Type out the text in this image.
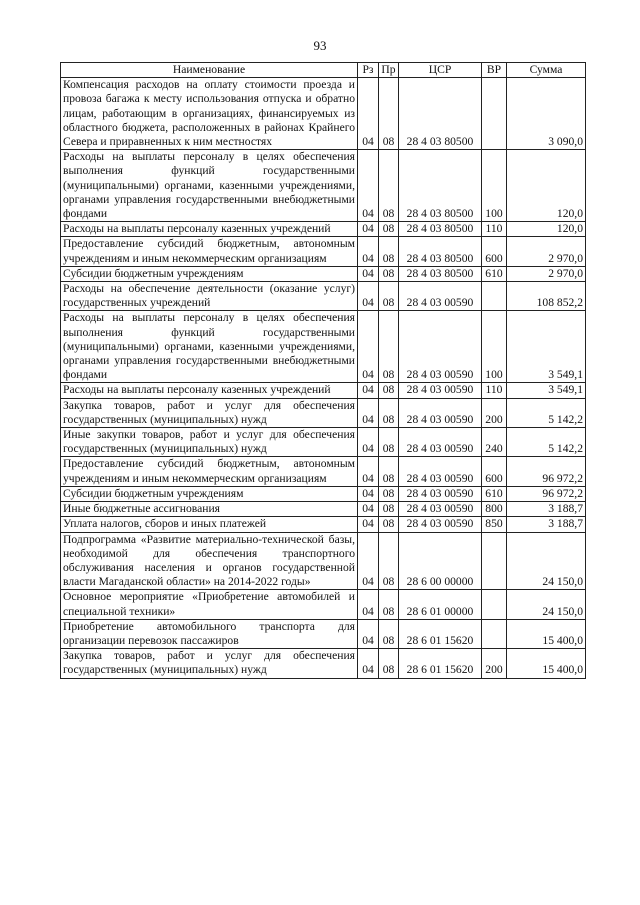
93
Наименование	Рз	Пр	ЦСР	ВР	Сумма
Компенсация расходов на оплату стоимости проезда и провоза багажа к месту использования отпуска и обратно лицам, работающим в организациях, финансируемых из областного бюджета, расположенных в районах Крайнего Севера и приравненных к ним местностях	04	08	28 4 03 80500		3 090,0
Расходы на выплаты персоналу в целях обеспечения выполнения функций государственными (муниципальными) органами, казенными учреждениями, органами управления государственными внебюджетными фондами	04	08	28 4 03 80500	100	120,0
Расходы на выплаты персоналу казенных учреждений	04	08	28 4 03 80500	110	120,0
Предоставление субсидий бюджетным, автономным учреждениям и иным некоммерческим организациям	04	08	28 4 03 80500	600	2 970,0
Субсидии бюджетным учреждениям	04	08	28 4 03 80500	610	2 970,0
Расходы на обеспечение деятельности (оказание услуг) государственных учреждений	04	08	28 4 03 00590		108 852,2
Расходы на выплаты персоналу в целях обеспечения выполнения функций государственными (муниципальными) органами, казенными учреждениями, органами управления государственными внебюджетными фондами	04	08	28 4 03 00590	100	3 549,1
Расходы на выплаты персоналу казенных учреждений	04	08	28 4 03 00590	110	3 549,1
Закупка товаров, работ и услуг для обеспечения государственных (муниципальных) нужд	04	08	28 4 03 00590	200	5 142,2
Иные закупки товаров, работ и услуг для обеспечения государственных (муниципальных) нужд	04	08	28 4 03 00590	240	5 142,2
Предоставление субсидий бюджетным, автономным учреждениям и иным некоммерческим организациям	04	08	28 4 03 00590	600	96 972,2
Субсидии бюджетным учреждениям	04	08	28 4 03 00590	610	96 972,2
Иные бюджетные ассигнования	04	08	28 4 03 00590	800	3 188,7
Уплата налогов, сборов и иных платежей	04	08	28 4 03 00590	850	3 188,7
Подпрограмма «Развитие материально-технической базы, необходимой для обеспечения транспортного обслуживания населения и органов государственной власти Магаданской области» на 2014-2022 годы»	04	08	28 6 00 00000		24 150,0
Основное мероприятие «Приобретение автомобилей и специальной техники»	04	08	28 6 01 00000		24 150,0
Приобретение автомобильного транспорта для организации перевозок пассажиров	04	08	28 6 01 15620		15 400,0
Закупка товаров, работ и услуг для обеспечения государственных (муниципальных) нужд	04	08	28 6 01 15620	200	15 400,0
